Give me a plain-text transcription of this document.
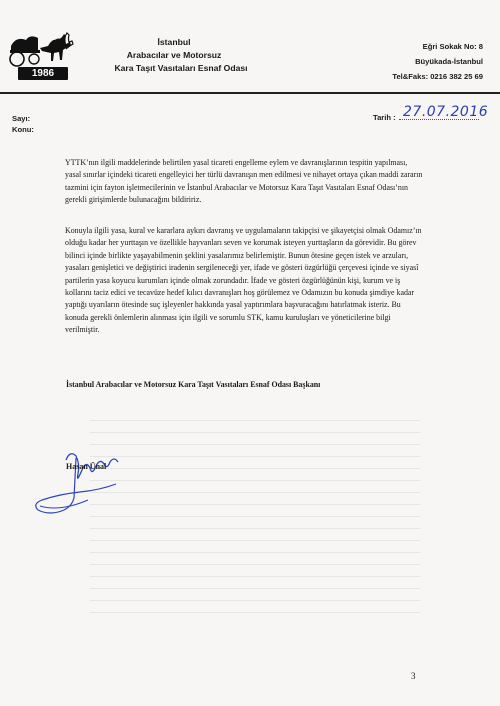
1986
İstanbul
Arabacılar ve Motorsuz
Kara Taşıt Vasıtaları Esnaf Odası
Eğri Sokak No: 8
Büyükada-İstanbul
Tel&Faks: 0216 382 25 69
Sayı:
Konu:
Tarih : 27.07.2016
YTTK’nın ilgili maddelerinde belirtilen yasal ticareti engelleme eylem ve davranışlarının tespitin yapılması, yasal sınırlar içindeki ticareti engelleyici her türlü davranışın men edilmesi ve nihayet ortaya çıkan maddi zararın tazmini için fayton işletmecilerinin ve İstanbul Arabacılar ve Motorsuz Kara Taşıt Vasıtaları Esnaf Odası’nın gerekli girişimlerde bulunacağını bildiririz.
Konuyla ilgili yasa, kural ve kararlara aykırı davranış ve uygulamaların takipçisi ve şikayetçisi olmak Odamız’ın olduğu kadar her yurttaşın ve özellikle hayvanları seven ve korumak isteyen yurttaşların da görevidir. Bu görev bilinci içinde birlikte yaşayabilmenin şeklini yasalarımız belirlemiştir. Bunun ötesine geçen istek ve arzuları, yasaları genişletici ve değiştirici iradenin sergileneceği yer, ifade ve gösteri özgürlüğü çerçevesi içinde ve siyasî partilerin yasa koyucu kurumları içinde olmak zorundadır. İfade ve gösteri özgürlüğünün kişi, kurum ve iş kollarını taciz edici ve tecavüze hedef kılıcı davranışları hoş görülemez ve Odamızın bu konuda şimdiye kadar yaptığı uyarıların ötesinde suç işleyenler hakkında yasal yaptırımlara başvuracağını hatırlatmak isteriz. Bu konuda gerekli önlemlerin alınması için ilgili ve sorumlu STK, kamu kuruluşları ve yöneticilerine bilgi verilmiştir.
İstanbul Arabacılar ve Motorsuz Kara Taşıt Vasıtaları Esnaf Odası Başkanı
Hasan Ünal
3
